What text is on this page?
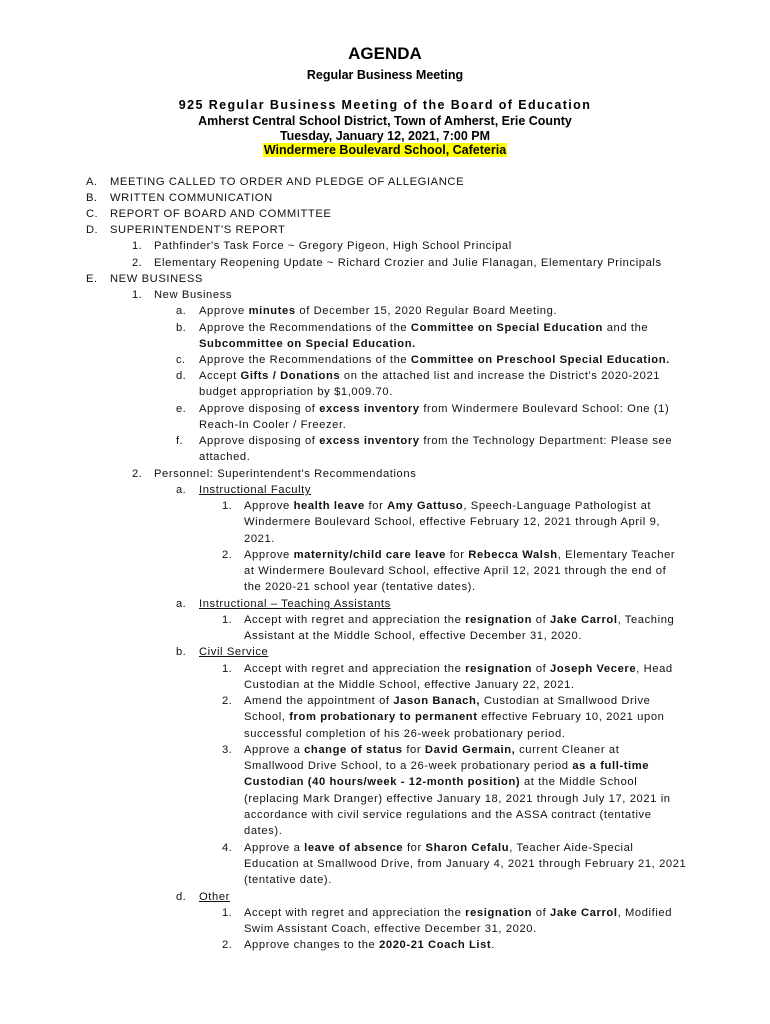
AGENDA
Regular Business Meeting
925 Regular Business Meeting of the Board of Education
Amherst Central School District, Town of Amherst, Erie County
Tuesday, January 12, 2021, 7:00 PM
Windermere Boulevard School, Cafeteria
A. MEETING CALLED TO ORDER AND PLEDGE OF ALLEGIANCE
B. WRITTEN COMMUNICATION
C. REPORT OF BOARD AND COMMITTEE
D. SUPERINTENDENT'S REPORT
1. Pathfinder's Task Force ~ Gregory Pigeon, High School Principal
2. Elementary Reopening Update ~ Richard Crozier and Julie Flanagan, Elementary Principals
E. NEW BUSINESS
1. New Business
a. Approve minutes of December 15, 2020 Regular Board Meeting.
b. Approve the Recommendations of the Committee on Special Education and the
Subcommittee on Special Education.
c. Approve the Recommendations of the Committee on Preschool Special Education.
d. Accept Gifts / Donations on the attached list and increase the District's 2020-2021
budget appropriation by $1,009.70.
e. Approve disposing of excess inventory from Windermere Boulevard School: One (1)
Reach-In Cooler / Freezer.
f. Approve disposing of excess inventory from the Technology Department: Please see
attached.
2. Personnel: Superintendent's Recommendations
a. Instructional Faculty
1. Approve health leave for Amy Gattuso, Speech-Language Pathologist at
Windermere Boulevard School, effective February 12, 2021 through April 9,
2021.
2. Approve maternity/child care leave for Rebecca Walsh, Elementary Teacher
at Windermere Boulevard School, effective April 12, 2021 through the end of
the 2020-21 school year (tentative dates).
a. Instructional – Teaching Assistants
1. Accept with regret and appreciation the resignation of Jake Carrol, Teaching
Assistant at the Middle School, effective December 31, 2020.
b. Civil Service
1. Accept with regret and appreciation the resignation of Joseph Vecere, Head
Custodian at the Middle School, effective January 22, 2021.
2. Amend the appointment of Jason Banach, Custodian at Smallwood Drive
School, from probationary to permanent effective February 10, 2021 upon
successful completion of his 26-week probationary period.
3. Approve a change of status for David Germain, current Cleaner at
Smallwood Drive School, to a 26-week probationary period as a full-time
Custodian (40 hours/week - 12-month position) at the Middle School
(replacing Mark Dranger) effective January 18, 2021 through July 17, 2021 in
accordance with civil service regulations and the ASSA contract (tentative
dates).
4. Approve a leave of absence for Sharon Cefalu, Teacher Aide-Special
Education at Smallwood Drive, from January 4, 2021 through February 21, 2021
(tentative date).
d. Other
1. Accept with regret and appreciation the resignation of Jake Carrol, Modified
Swim Assistant Coach, effective December 31, 2020.
2. Approve changes to the 2020-21 Coach List.
